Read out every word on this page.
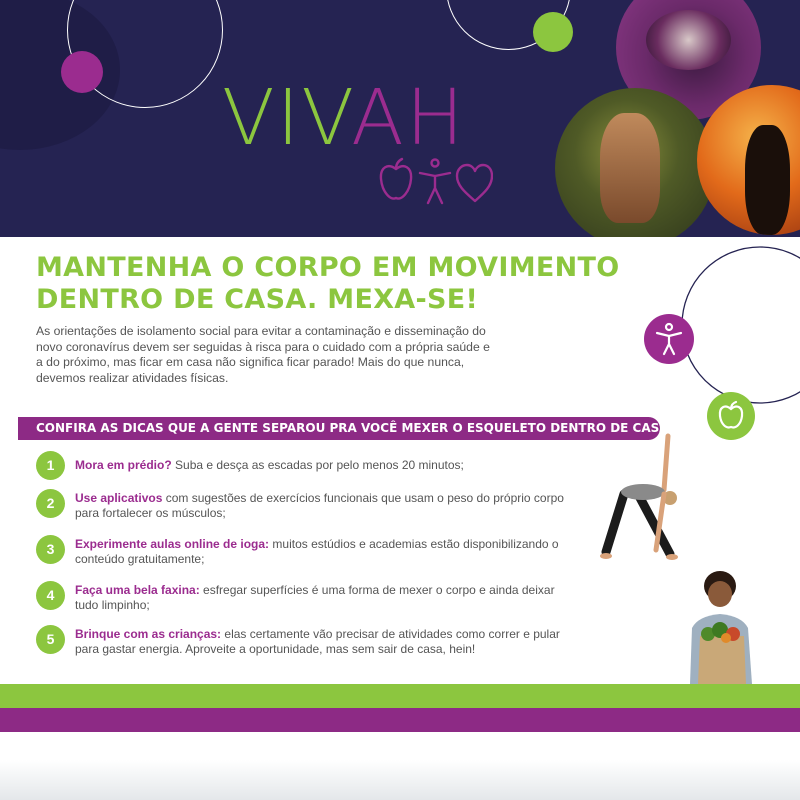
VIVAH
MANTENHA O CORPO EM MOVIMENTO
DENTRO DE CASA. MEXA-SE!

As orientações de isolamento social para evitar a contaminação e disseminação do novo coronavírus devem ser seguidas à risca para o cuidado com a própria saúde e a do próximo, mas ficar em casa não significa ficar parado! Mais do que nunca, devemos realizar atividades físicas.

CONFIRA AS DICAS QUE A GENTE SEPAROU PRA VOCÊ MEXER O ESQUELETO DENTRO DE CASA:
1	Mora em prédio? Suba e desça as escadas por pelo menos 20 minutos;

2	Use aplicativos com sugestões de exercícios funcionais que usam o peso do próprio corpo para fortalecer os músculos;

3	Experimente aulas online de ioga: muitos estúdios e academias estão disponibilizando o conteúdo gratuitamente;

4	Faça uma bela faxina: esfregar superfícies é uma forma de mexer o corpo e ainda deixar tudo limpinho;

5	Brinque com as crianças: elas certamente vão precisar de atividades como correr e pular para gastar energia. Aproveite a oportunidade, mas sem sair de casa, hein!
